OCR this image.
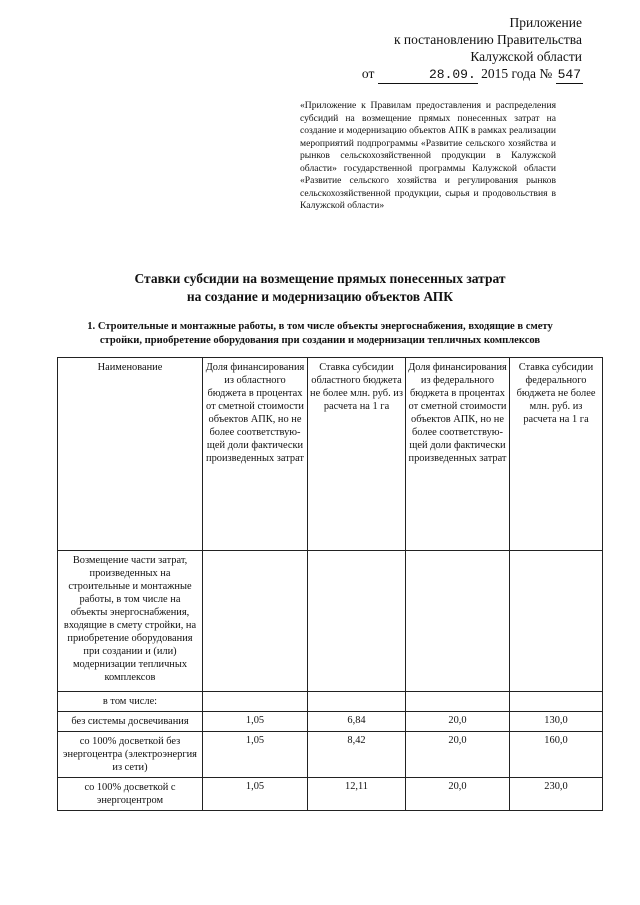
Приложение
к постановлению Правительства
Калужской области
от	28.09. 2015 года № 547
«Приложение к Правилам предоставления и распределения субсидий на возмещение прямых понесенных затрат на создание и модернизацию объектов АПК в рамках реализации мероприятий подпрограммы «Развитие сельского хозяйства и рынков сельскохозяйственной продукции в Калужской области» государственной программы Калужской области «Развитие сельского хозяйства и регулирования рынков сельскохозяйственной продукции, сырья и продовольствия в Калужской области»
Ставки субсидии на возмещение прямых понесенных затрат
на создание и модернизацию объектов АПК
1. Строительные и монтажные работы, в том числе объекты энергоснабжения, входящие в смету
стройки, приобретение оборудования при создании и модернизации тепличных комплексов
Наименование	Доля финансирования из областного бюджета в процентах от сметной стоимости объектов АПК, но не более соответствую-щей доли фактически произведенных затрат	Ставка субсидии областного бюджета не более млн. руб. из расчета на 1 га	Доля финансирования из федерального бюджета в процентах от сметной стоимости объектов АПК, но не более соответствую-щей доли фактически произведенных затрат	Ставка субсидии федерального бюджета не более млн. руб. из расчета на 1 га
Возмещение части затрат, произведенных на строительные и монтажные работы, в том числе на объекты энергоснабжения, входящие в смету стройки, на приобретение оборудования при создании и (или) модернизации тепличных комплексов				
в том числе:				
без системы досвечивания	1,05	6,84	20,0	130,0
со 100% досветкой без энергоцентра (электроэнергия из сети)	1,05	8,42	20,0	160,0
со 100% досветкой с энергоцентром	1,05	12,11	20,0	230,0
